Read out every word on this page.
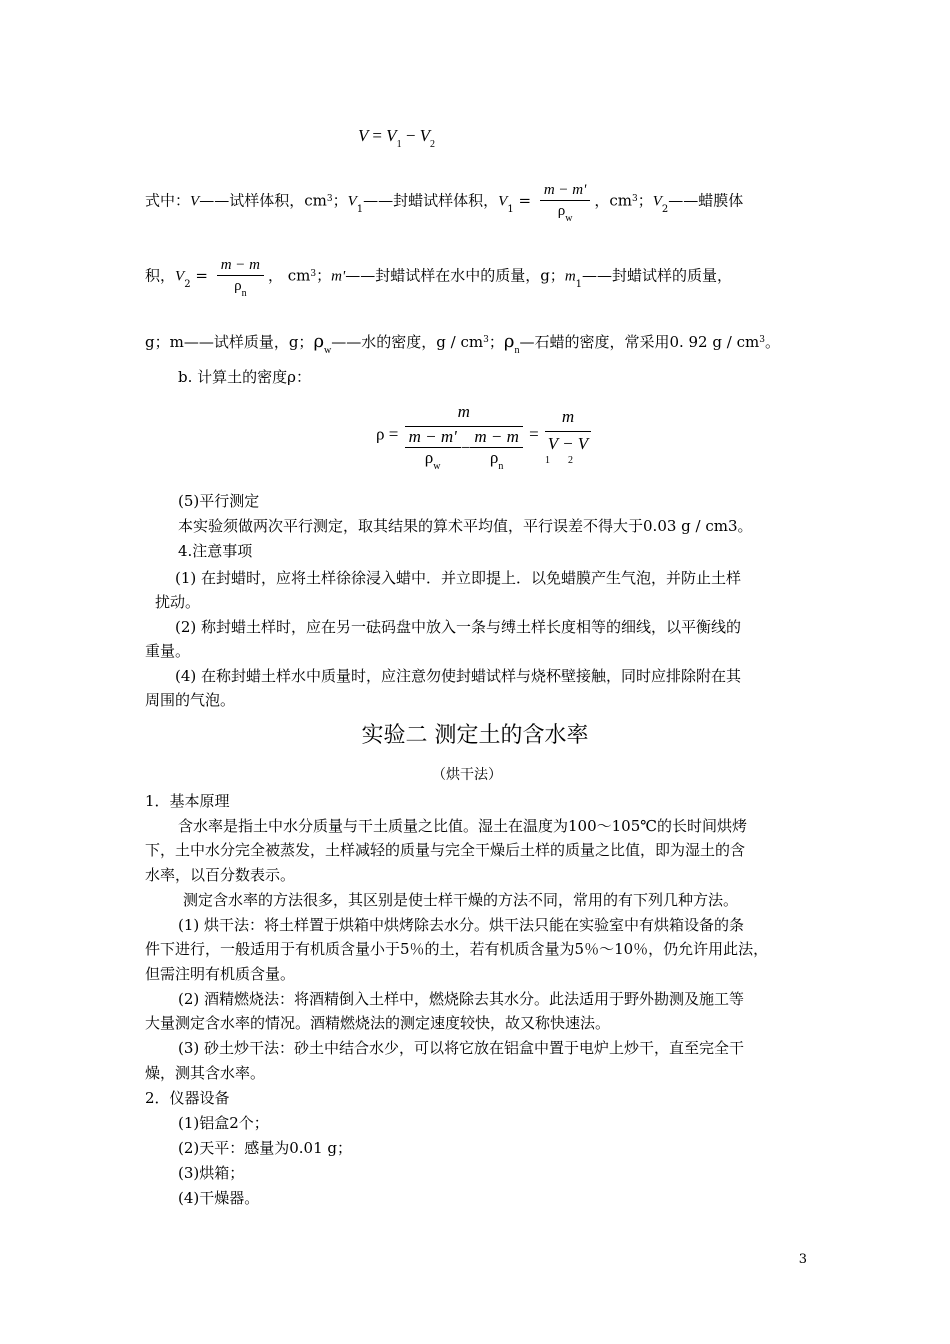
$V = V_1 - V_2$
式中：V——试样体积，$cm^3$；$V_1——$封蜡试样体积，$V_1 = \frac{m - m'}{\rho_w}$ ，$cm^3$；$V_2——$蜡膜体
积，$V_2 = \frac{m - m}{\rho_n}$ ， $cm^3$；m'——封蜡试样在水中的质量，g；$m_1——$封蜡试样的质量，
g；m——试样质量，g；$\rho_w——$水的密度，g / $cm^3$；$\rho_n—$石蜡的密度，常采用0. 92 g / $cm^3$。
b. 计算土的密度ρ：
$\rho = \frac{m}{\frac{m - m'}{\rho_w} - \frac{m - m}{\rho_n}}$ =
m
V − V
12
(5)平行测定
本实验须做两次平行测定，取其结果的算术平均值，平行误差不得大于0.03 g / cm3。
4.注意事项
(1) 在封蜡时，应将土样徐徐浸入蜡中．并立即提上．以免蜡膜产生气泡，并防止土样
扰动。
(2) 称封蜡土样时，应在另一砝码盘中放入一条与缚土样长度相等的细线，以平衡线的
重量。
(4) 在称封蜡土样水中质量时，应注意勿使封蜡试样与烧杯壁接触，同时应排除附在其
周围的气泡。
实验二 测定土的含水率
（烘干法）
1．基本原理
含水率是指土中水分质量与干土质量之比值。湿土在温度为100～105℃的长时间烘烤
下，土中水分完全被蒸发，土样减轻的质量与完全干燥后土样的质量之比值，即为湿土的含
水率，以百分数表示。
测定含水率的方法很多，其区别是使士样干燥的方法不同，常用的有下列几种方法。
(1) 烘干法：将土样置于烘箱中烘烤除去水分。烘干法只能在实验室中有烘箱设备的条
件下进行，一般适用于有机质含量小于5％的土，若有机质含量为5％～10％，仍允许用此法，
但需注明有机质含量。
(2) 酒精燃烧法：将酒精倒入土样中，燃烧除去其水分。此法适用于野外勘测及施工等
大量测定含水率的情况。酒精燃烧法的测定速度较快，故又称快速法。
(3) 砂土炒干法：砂土中结合水少，可以将它放在铝盒中置于电炉上炒干，直至完全干
燥，测其含水率。
2．仪器设备
(1)铝盒2个；
(2)天平：感量为0.01 g；
(3)烘箱；
(4)干燥器。
3
